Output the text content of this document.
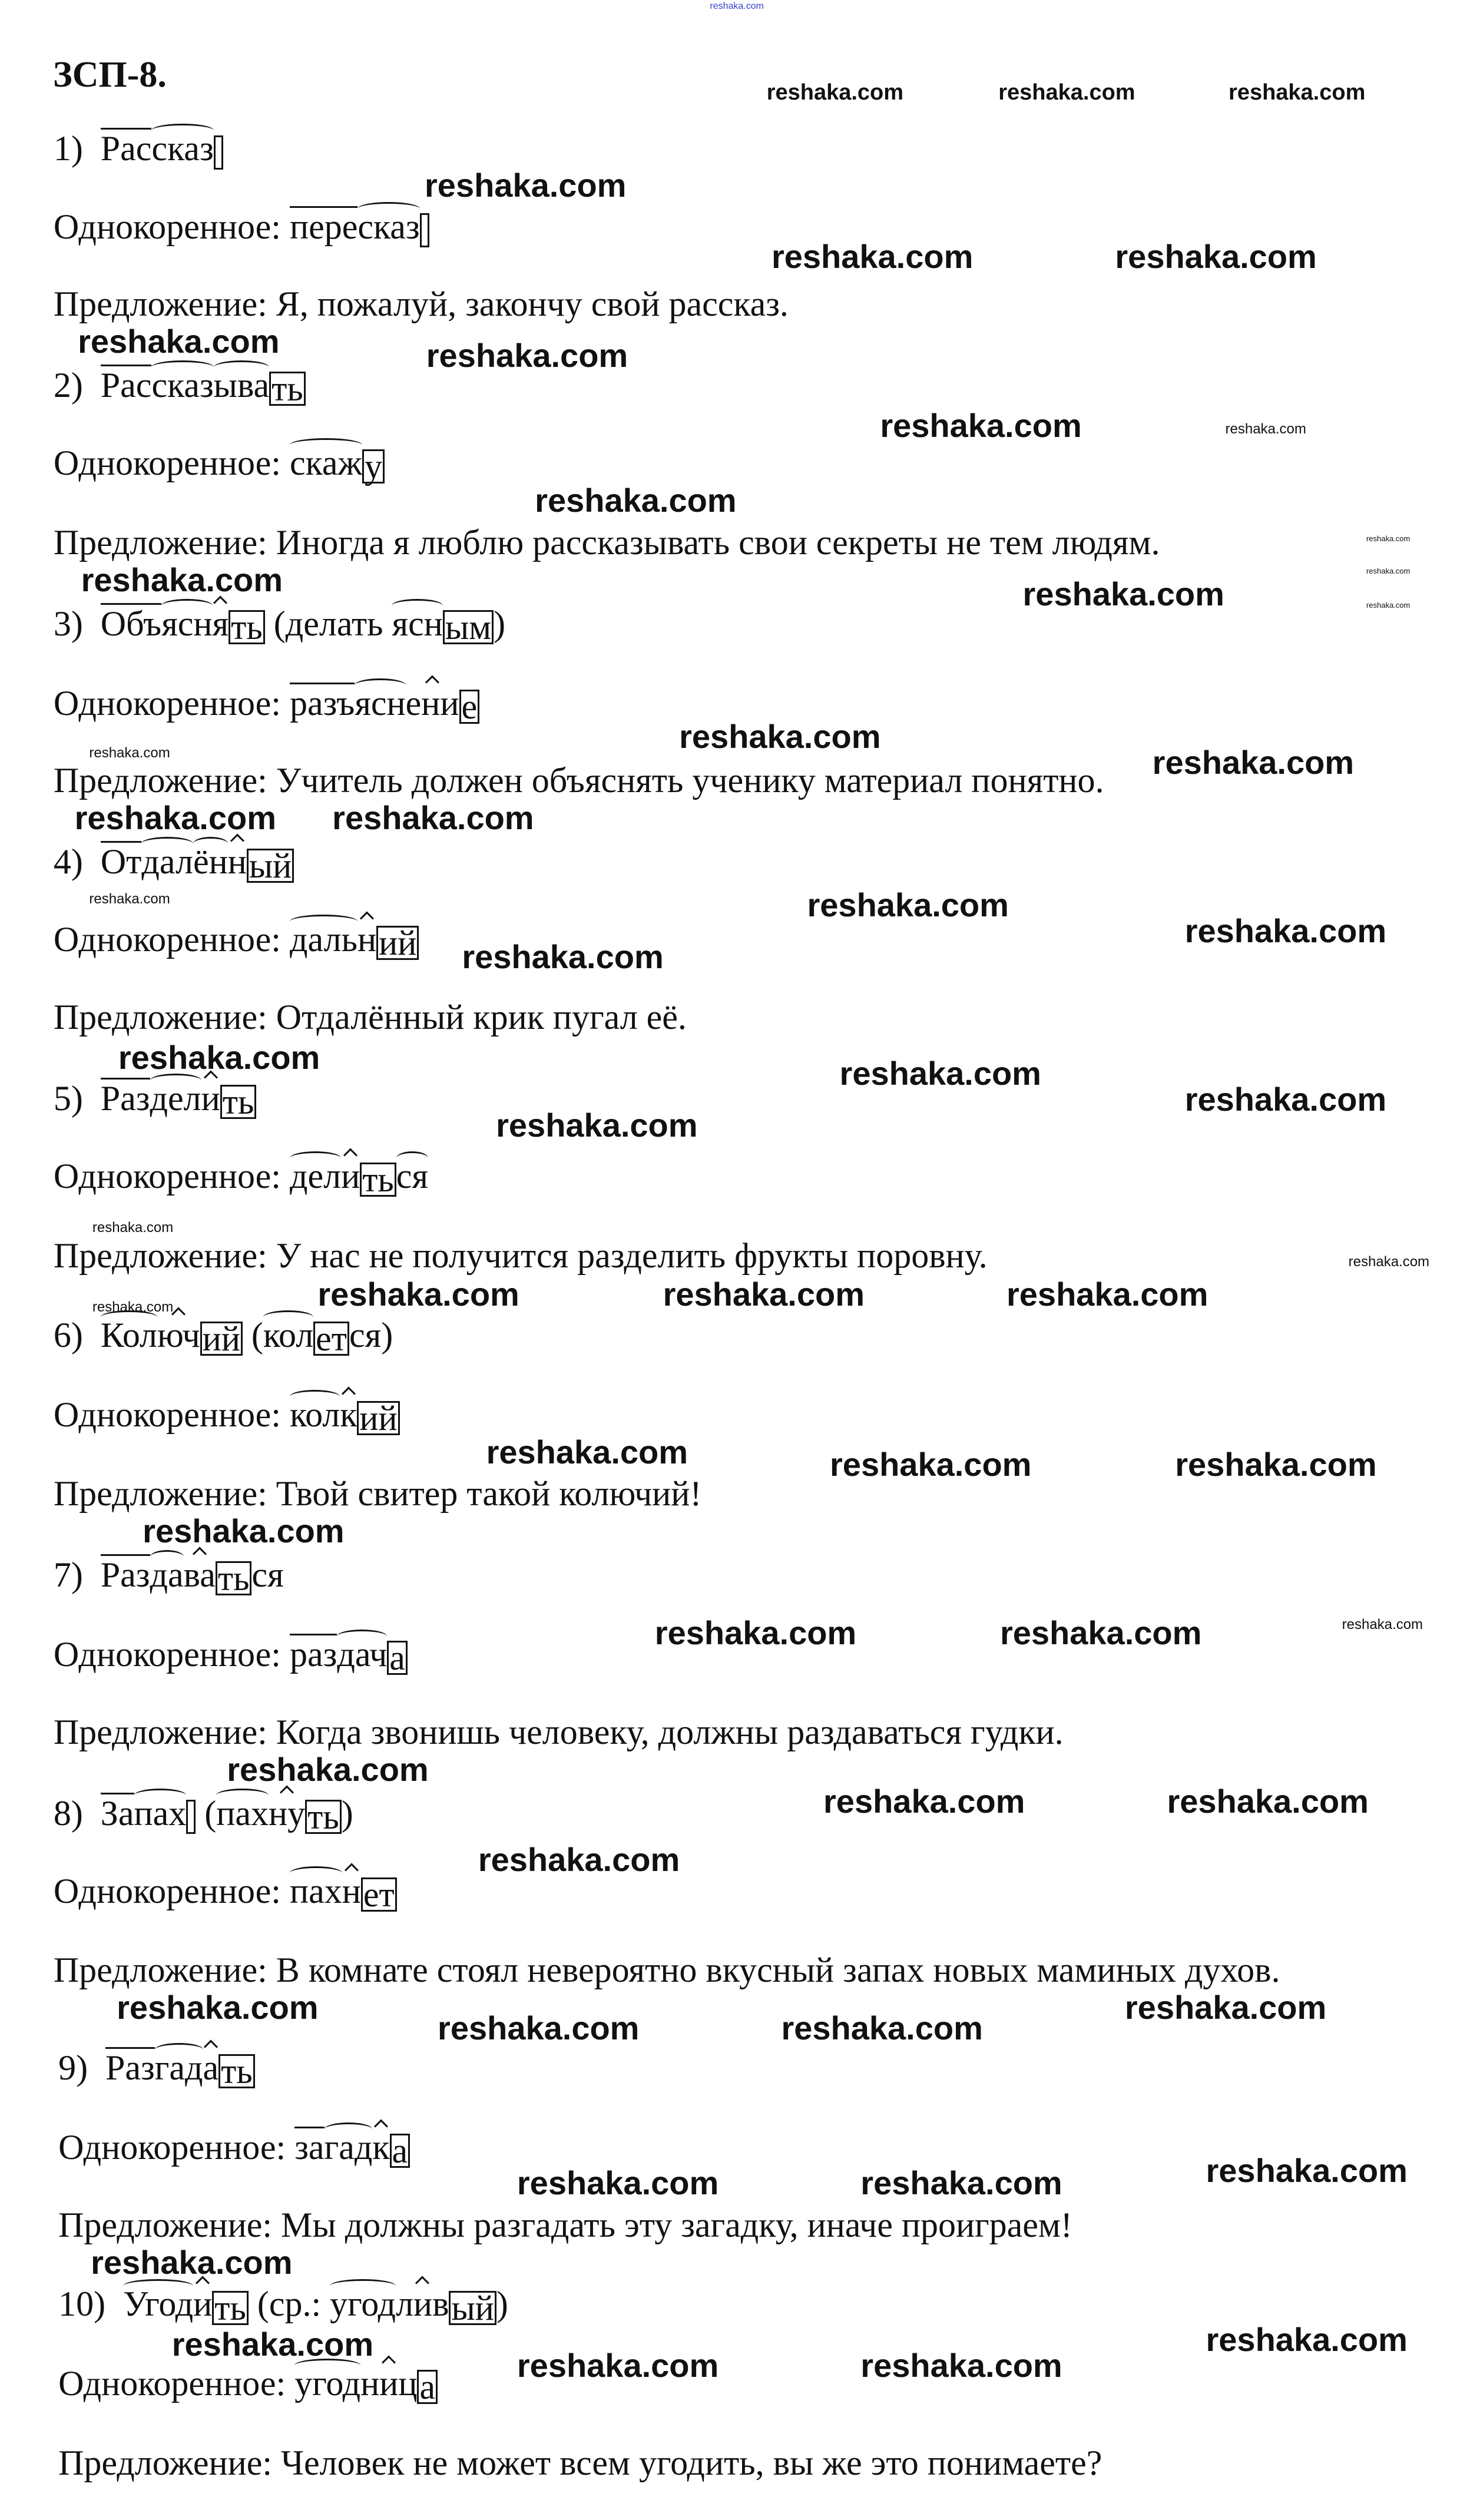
ЗСП-8.
1)  Рассказ
Однокоренное: пересказ
Предложение: Я, пожалуй, закончу свой рассказ.
2)  Рассказывать
Однокоренное: скажу
Предложение: Иногда я люблю рассказывать свои секреты не тем людям.
3)  Объяснять (делать ясным)
Однокоренное: разъяснение
Предложение: Учитель должен объяснять ученику материал понятно.
4)  Отдалённый
Однокоренное: дальний
Предложение: Отдалённый крик пугал её.
5)  Разделить
Однокоренное: делиться
Предложение: У нас не получится разделить фрукты поровну.
6)  Колючий (колется)
Однокоренное: колкий
Предложение: Твой свитер такой колючий!
7)  Раздаваться
Однокоренное: раздача
Предложение: Когда звонишь человеку, должны раздаваться гудки.
8)  Запах (пахнуть)
Однокоренное: пахнет
Предложение: В комнате стоял невероятно вкусный запах новых маминых духов.
9)  Разгадать
Однокоренное: загадка
Предложение: Мы должны разгадать эту загадку, иначе проиграем!
10)  Угодить (ср.: угодливый)
Однокоренное: угодница
Предложение: Человек не может всем угодить, вы же это понимаете?
reshaka.com
reshaka.com	reshaka.com	reshaka.com
reshaka.com
reshaka.com
reshaka.com	reshaka.com
reshaka.com
reshaka.com
reshaka.com	reshaka.com
reshaka.com
reshaka.com
reshaka.com
reshaka.com
reshaka.com
reshaka.com
reshaka.com
reshaka.com
reshaka.com
reshaka.com
reshaka.com
reshaka.com
reshaka.com
reshaka.com
reshaka.com	reshaka.com
reshaka.com
reshaka.com
reshaka.com
reshaka.com
reshaka.com
reshaka.com	reshaka.com	reshaka.com
reshaka.com
reshaka.com	reshaka.com	reshaka.com
reshaka.com	reshaka.com	reshaka.com
reshaka.com
reshaka.com	reshaka.com
reshaka.com
reshaka.com
reshaka.com
reshaka.com	reshaka.com
reshaka.com
reshaka.com
reshaka.com	reshaka.com
reshaka.com	reshaka.com
reshaka.com	reshaka.com
